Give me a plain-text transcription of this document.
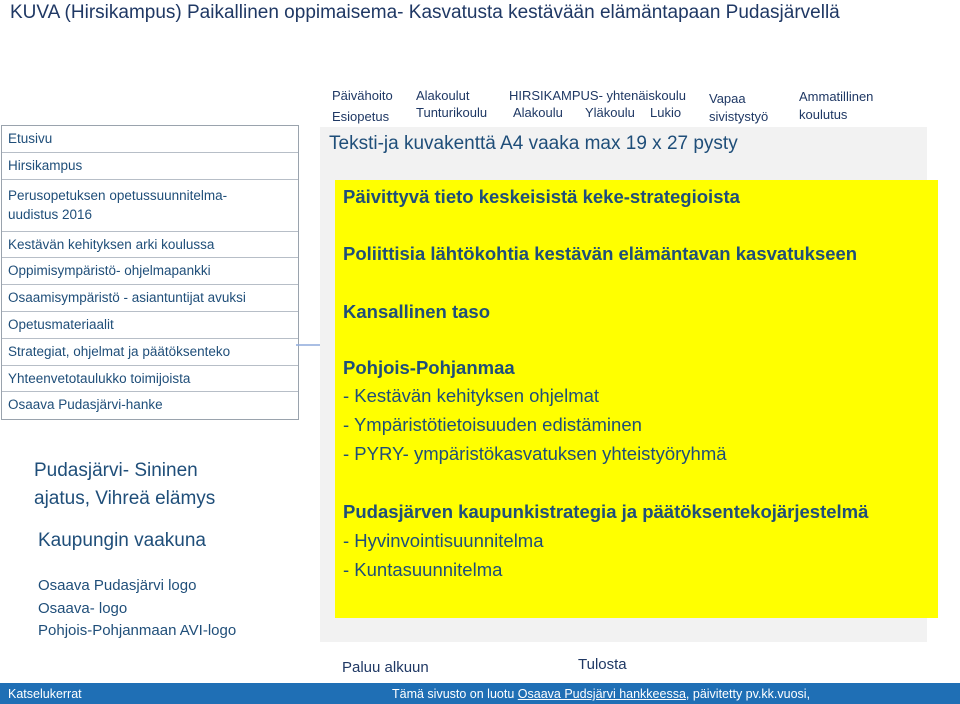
KUVA (Hirsikampus) Paikallinen oppimaisema- Kasvatusta kestävään elämäntapaan Pudasjärvellä
Päivähoito
Esiopetus
Alakoulut
Tunturikoulu
HIRSIKAMPUS- yhtenäiskoulu
Alakoulu Yläkoulu Lukio
Vapaa
sivistystyö
Ammatillinen
koulutus
Etusivu
Hirsikampus
Perusopetuksen opetussuunnitelma-
uudistus 2016
Kestävän kehityksen arki koulussa
Oppimisympäristö- ohjelmapankki
Osaamisympäristö - asiantuntijat avuksi
Opetusmateriaalit
Strategiat, ohjelmat ja päätöksenteko
Yhteenvetotaulukko toimijoista
Osaava Pudasjärvi-hanke
Pudasjärvi- Sininen
ajatus, Vihreä elämys
Kaupungin vaakuna
Osaava Pudasjärvi logo
Osaava- logo
Pohjois-Pohjanmaan AVI-logo
Teksti-ja kuvakenttä A4 vaaka max 19 x 27 pysty
Päivittyvä tieto keskeisistä keke-strategioista
Poliittisia lähtökohtia kestävän elämäntavan kasvatukseen
Kansallinen taso
Pohjois-Pohjanmaa
- Kestävän kehityksen ohjelmat
- Ympäristötietoisuuden edistäminen
- PYRY- ympäristökasvatuksen yhteistyöryhmä
Pudasjärven kaupunkistrategia ja päätöksentekojärjestelmä
- Hyvinvointisuunnitelma
- Kuntasuunnitelma
Paluu alkuun	Tulosta
Katselukerrat	Tämä sivusto on luotu Osaava Pudsjärvi hankkeessa, päivitetty pv.kk.vuosi,
